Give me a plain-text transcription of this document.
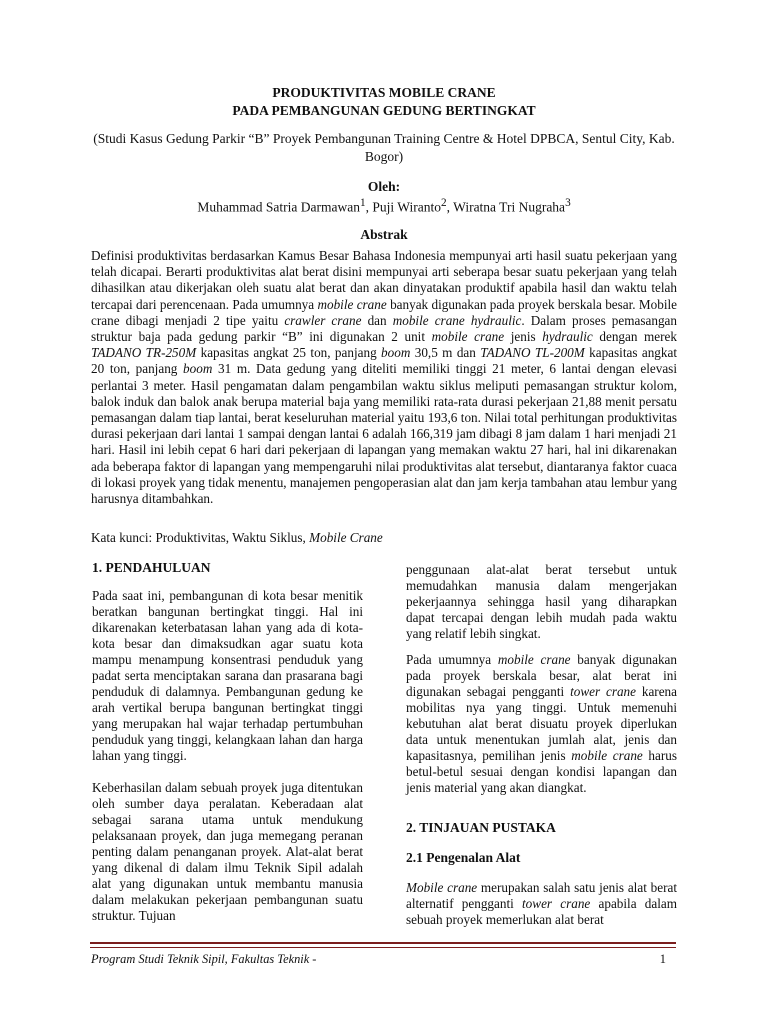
PRODUKTIVITAS MOBILE CRANE
PADA PEMBANGUNAN GEDUNG BERTINGKAT
(Studi Kasus Gedung Parkir “B” Proyek Pembangunan Training Centre & Hotel DPBCA, Sentul City, Kab. Bogor)
Oleh:
Muhammad Satria Darmawan$^1$, Puji Wiranto$^2$, Wiratna Tri Nugraha$^3$
Abstrak
Definisi produktivitas berdasarkan Kamus Besar Bahasa Indonesia mempunyai arti hasil suatu pekerjaan yang telah dicapai. Berarti produktivitas alat berat disini mempunyai arti seberapa besar suatu pekerjaan yang telah dihasilkan atau dikerjakan oleh suatu alat berat dan akan dinyatakan produktif apabila hasil dan waktu telah tercapai dari perencenaan. Pada umumnya mobile crane banyak digunakan pada proyek berskala besar. Mobile crane dibagi menjadi 2 tipe yaitu crawler crane dan mobile crane hydraulic. Dalam proses pemasangan struktur baja pada gedung parkir “B” ini digunakan 2 unit mobile crane jenis hydraulic dengan merek TADANO TR-250M kapasitas angkat 25 ton, panjang boom 30,5 m dan TADANO TL-200M kapasitas angkat 20 ton, panjang boom 31 m. Data gedung yang diteliti memiliki tinggi 21 meter, 6 lantai dengan elevasi perlantai 3 meter. Hasil pengamatan dalam pengambilan waktu siklus meliputi pemasangan struktur kolom, balok induk dan balok anak berupa material baja yang memiliki rata-rata durasi pekerjaan 21,88 menit persatu pemasangan dalam tiap lantai, berat keseluruhan material yaitu 193,6 ton. Nilai total perhitungan produktivitas durasi pekerjaan dari lantai 1 sampai dengan lantai 6 adalah 166,319 jam dibagi 8 jam dalam 1 hari menjadi 21 hari. Hasil ini lebih cepat 6 hari dari pekerjaan di lapangan yang memakan waktu 27 hari, hal ini dikarenakan ada beberapa faktor di lapangan yang mempengaruhi nilai produktivitas alat tersebut, diantaranya faktor cuaca di lokasi proyek yang tidak menentu, manajemen pengoperasian alat dan jam kerja tambahan atau lembur yang harusnya ditambahkan.
Kata kunci: Produktivitas, Waktu Siklus, Mobile Crane

1. PENDAHULUAN

Pada saat ini, pembangunan di kota besar menitik beratkan bangunan bertingkat tinggi. Hal ini dikarenakan keterbatasan lahan yang ada di kota-kota besar dan dimaksudkan agar suatu kota mampu menampung konsentrasi penduduk yang padat serta menciptakan sarana dan prasarana bagi penduduk di dalamnya. Pembangunan gedung ke arah vertikal berupa bangunan bertingkat tinggi yang merupakan hal wajar terhadap pertumbuhan penduduk yang tinggi, kelangkaan lahan dan harga lahan yang tinggi.

Keberhasilan dalam sebuah proyek juga ditentukan oleh sumber daya peralatan. Keberadaan alat sebagai sarana utama untuk mendukung pelaksanaan proyek, dan juga memegang peranan penting dalam penanganan proyek. Alat-alat berat yang dikenal di dalam ilmu Teknik Sipil adalah alat yang digunakan untuk membantu manusia dalam melakukan pekerjaan pembangunan suatu struktur. Tujuan

penggunaan alat-alat berat tersebut untuk memudahkan manusia dalam mengerjakan pekerjaannya sehingga hasil yang diharapkan dapat tercapai dengan lebih mudah pada waktu yang relatif lebih singkat.

Pada umumnya mobile crane banyak digunakan pada proyek berskala besar, alat berat ini digunakan sebagai pengganti tower crane karena mobilitas nya yang tinggi. Untuk memenuhi kebutuhan alat berat disuatu proyek diperlukan data untuk menentukan jumlah alat, jenis dan kapasitasnya, pemilihan jenis mobile crane harus betul-betul sesuai dengan kondisi lapangan dan jenis material yang akan diangkat.

2. TINJAUAN PUSTAKA

2.1 Pengenalan Alat

Mobile crane merupakan salah satu jenis alat berat alternatif pengganti tower crane apabila dalam sebuah proyek memerlukan alat berat

Program Studi Teknik Sipil, Fakultas Teknik -	1
